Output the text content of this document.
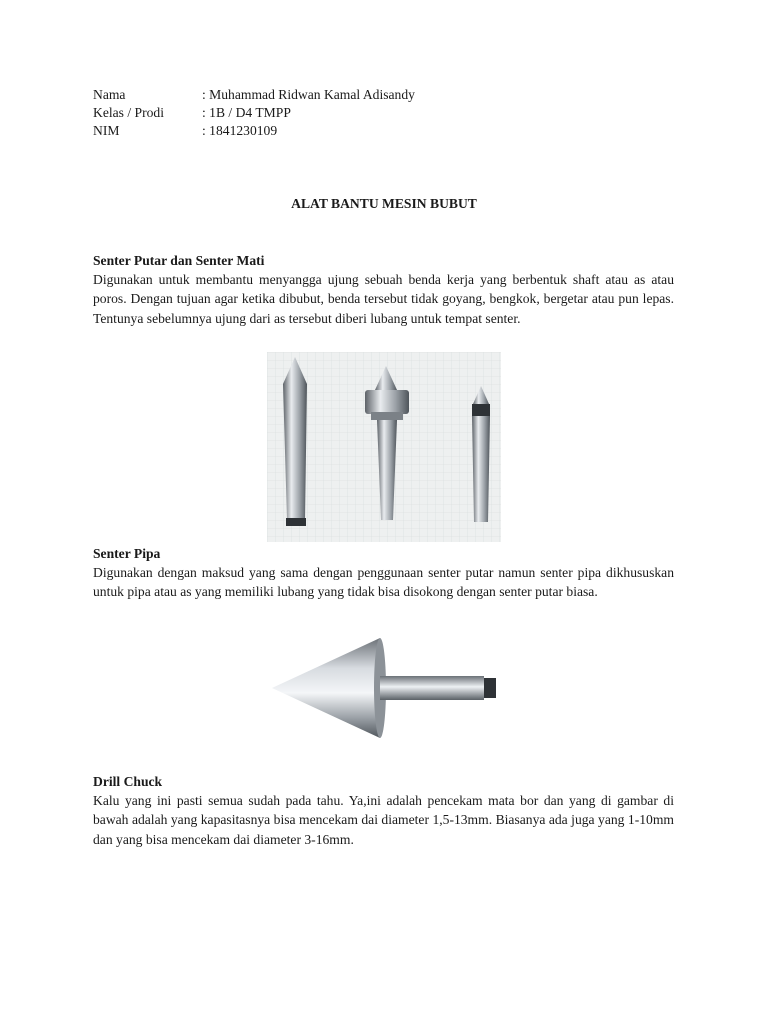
Nama	: Muhammad Ridwan Kamal Adisandy
Kelas / Prodi	: 1B / D4 TMPP
NIM	: 1841230109
ALAT BANTU MESIN BUBUT
Senter Putar dan Senter Mati

Digunakan untuk membantu menyangga ujung sebuah benda kerja yang berbentuk shaft atau as atau poros. Dengan tujuan agar ketika dibubut, benda tersebut tidak goyang, bengkok, bergetar atau pun lepas. Tentunya sebelumnya ujung dari as tersebut diberi lubang untuk tempat senter.

Senter Pipa

Digunakan dengan maksud yang sama dengan penggunaan senter putar namun senter pipa dikhususkan untuk pipa atau as yang memiliki lubang yang tidak bisa disokong dengan senter putar biasa.

Drill Chuck

Kalu yang ini pasti semua sudah pada tahu. Ya,ini adalah pencekam mata bor dan yang di gambar di bawah adalah yang kapasitasnya bisa mencekam dai diameter 1,5-13mm. Biasanya ada juga yang 1-10mm dan yang bisa mencekam dai diameter 3-16mm.
